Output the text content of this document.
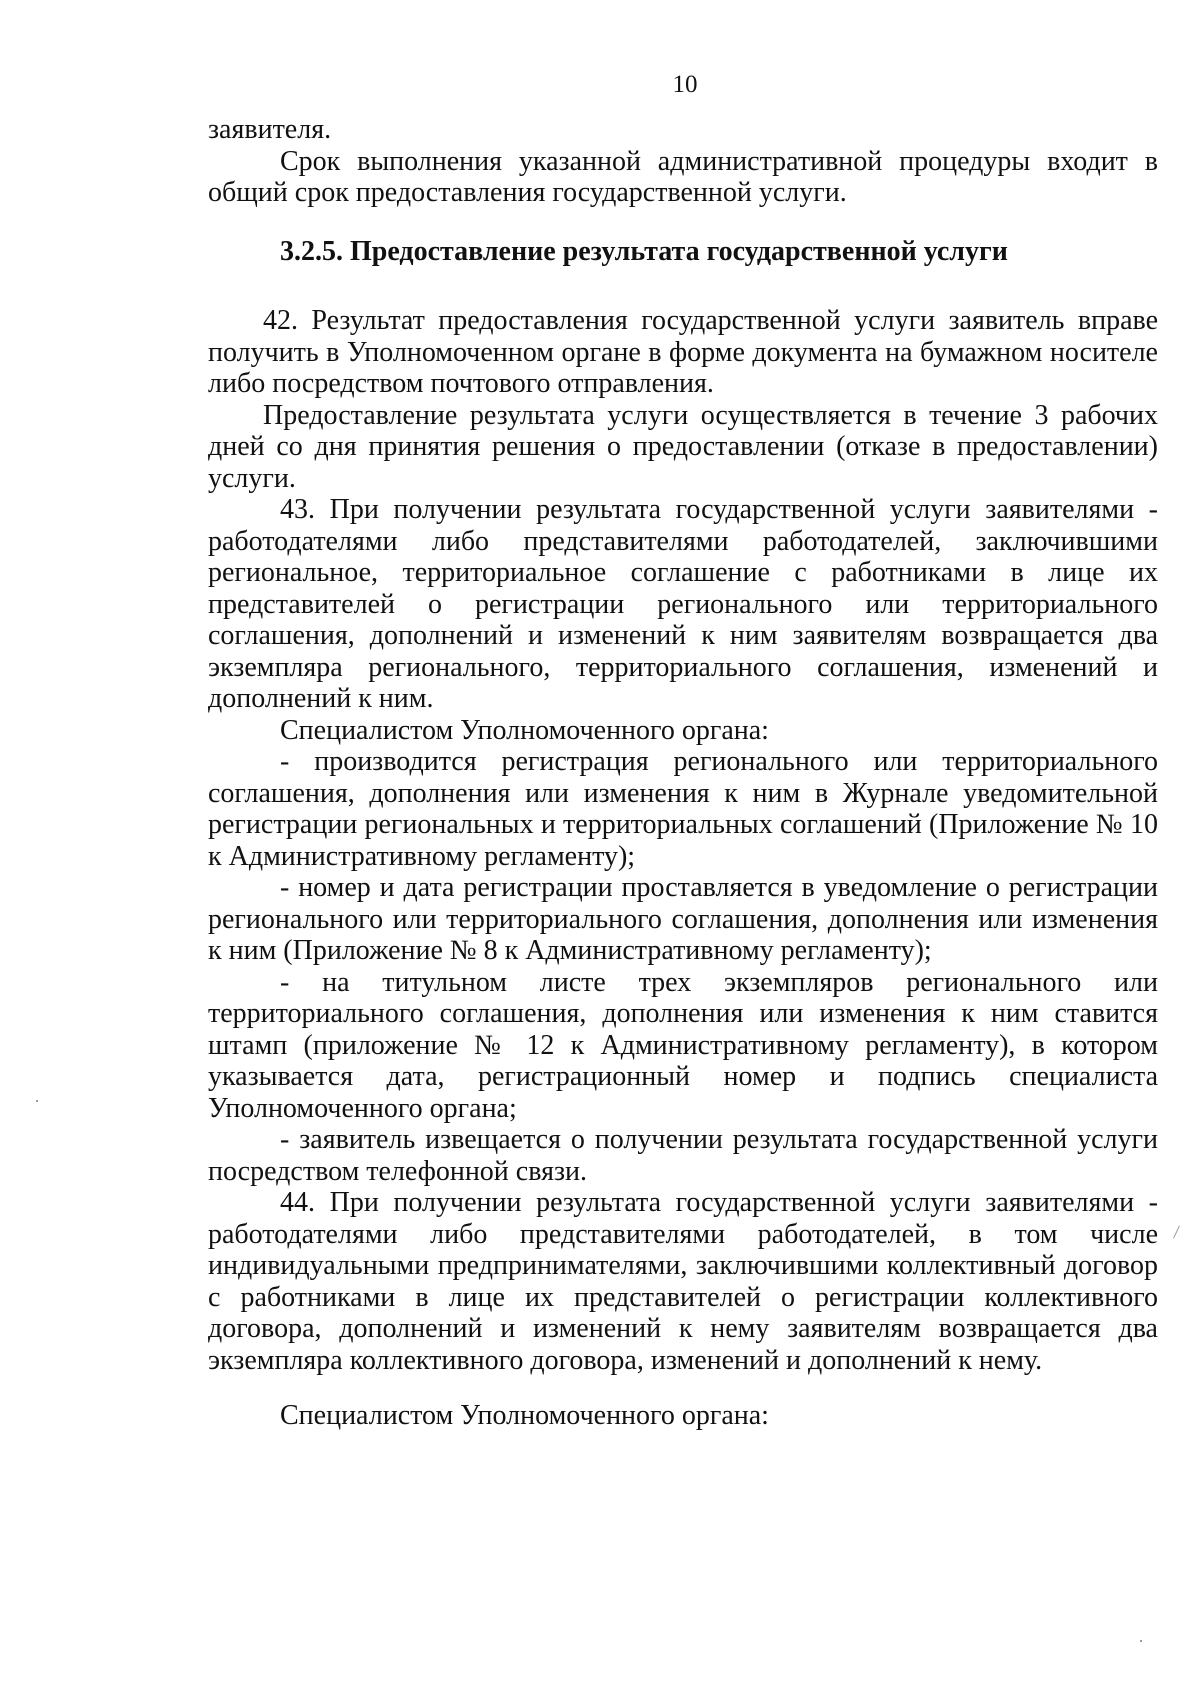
10

заявителя.

Срок выполнения указанной административной процедуры входит в общий срок предоставления государственной услуги.

3.2.5. Предоставление результата государственной услуги

42. Результат предоставления государственной услуги заявитель вправе получить в Уполномоченном органе в форме документа на бумажном носителе либо посредством почтового отправления.

Предоставление результата услуги осуществляется в течение 3 рабочих дней со дня принятия решения о предоставлении (отказе в предоставлении) услуги.

43. При получении результата государственной услуги заявителями - работодателями либо представителями работодателей, заключившими региональное, территориальное соглашение с работниками в лице их представителей о регистрации регионального или территориального соглашения, дополнений и изменений к ним заявителям возвращается два экземпляра регионального, территориального соглашения, изменений и дополнений к ним.

Специалистом Уполномоченного органа:

- производится регистрация регионального или территориального соглашения, дополнения или изменения к ним в Журнале уведомительной регистрации региональных и территориальных соглашений (Приложение № 10 к Административному регламенту);

- номер и дата регистрации проставляется в уведомление о регистрации регионального или территориального соглашения, дополнения или изменения к ним (Приложение № 8 к Административному регламенту);

- на титульном листе трех экземпляров регионального или территориального соглашения, дополнения или изменения к ним ставится штамп (приложение № 12 к Административному регламенту), в котором указывается дата, регистрационный номер и подпись специалиста Уполномоченного органа;

- заявитель извещается о получении результата государственной услуги посредством телефонной связи.

44. При получении результата государственной услуги заявителями - работодателями либо представителями работодателей, в том числе индивидуальными предпринимателями, заключившими коллективный договор с работниками в лице их представителей о регистрации коллективного договора, дополнений и изменений к нему заявителям возвращается два экземпляра коллективного договора, изменений и дополнений к нему.

Специалистом Уполномоченного органа:
